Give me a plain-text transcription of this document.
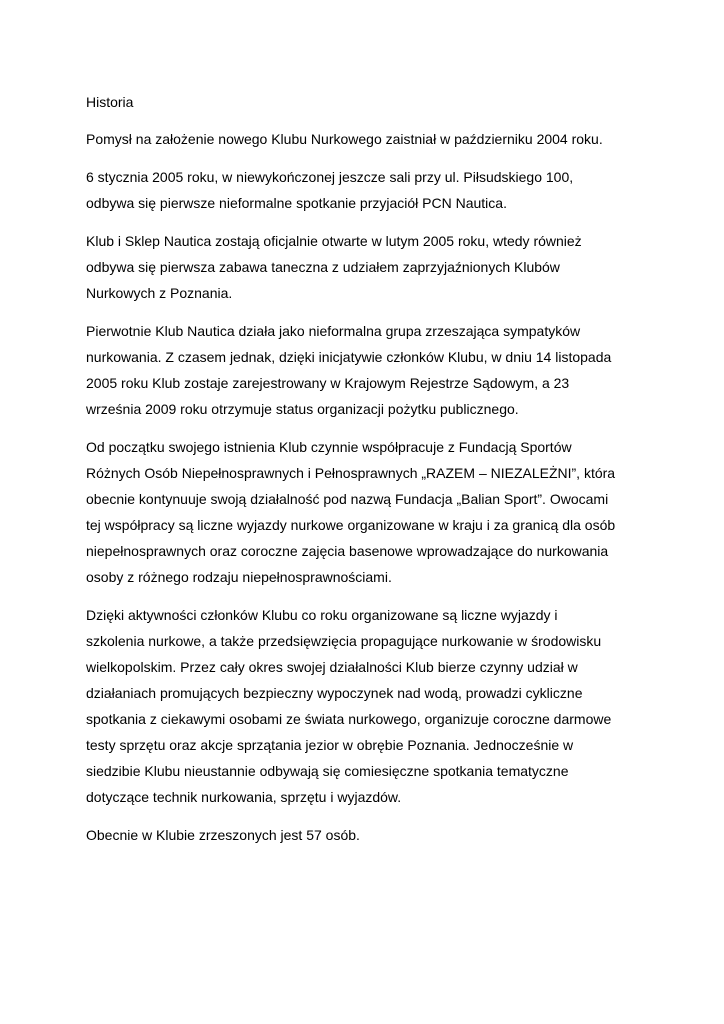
Historia

Pomysł na założenie nowego Klubu Nurkowego zaistniał w październiku 2004 roku.

6 stycznia 2005 roku, w niewykończonej jeszcze sali przy ul. Piłsudskiego 100,
odbywa się pierwsze nieformalne spotkanie przyjaciół PCN Nautica.

Klub i Sklep Nautica zostają oficjalnie otwarte w lutym 2005 roku, wtedy również
odbywa się pierwsza zabawa taneczna z udziałem zaprzyjaźnionych Klubów
Nurkowych z Poznania.

Pierwotnie Klub Nautica działa jako nieformalna grupa zrzeszająca sympatyków
nurkowania. Z czasem jednak, dzięki inicjatywie członków Klubu, w dniu 14 listopada
2005 roku Klub zostaje zarejestrowany w Krajowym Rejestrze Sądowym, a 23
września 2009 roku otrzymuje status organizacji pożytku publicznego.

Od początku swojego istnienia Klub czynnie współpracuje z Fundacją Sportów
Różnych Osób Niepełnosprawnych i Pełnosprawnych „RAZEM – NIEZALEŻNI”, która
obecnie kontynuuje swoją działalność pod nazwą Fundacja „Balian Sport”. Owocami
tej współpracy są liczne wyjazdy nurkowe organizowane w kraju i za granicą dla osób
niepełnosprawnych oraz coroczne zajęcia basenowe wprowadzające do nurkowania
osoby z różnego rodzaju niepełnosprawnościami.

Dzięki aktywności członków Klubu co roku organizowane są liczne wyjazdy i
szkolenia nurkowe, a także przedsięwzięcia propagujące nurkowanie w środowisku
wielkopolskim. Przez cały okres swojej działalności Klub bierze czynny udział w
działaniach promujących bezpieczny wypoczynek nad wodą, prowadzi cykliczne
spotkania z ciekawymi osobami ze świata nurkowego, organizuje coroczne darmowe
testy sprzętu oraz akcje sprzątania jezior w obrębie Poznania. Jednocześnie w
siedzibie Klubu nieustannie odbywają się comiesięczne spotkania tematyczne
dotyczące technik nurkowania, sprzętu i wyjazdów.

Obecnie w Klubie zrzeszonych jest 57 osób.
